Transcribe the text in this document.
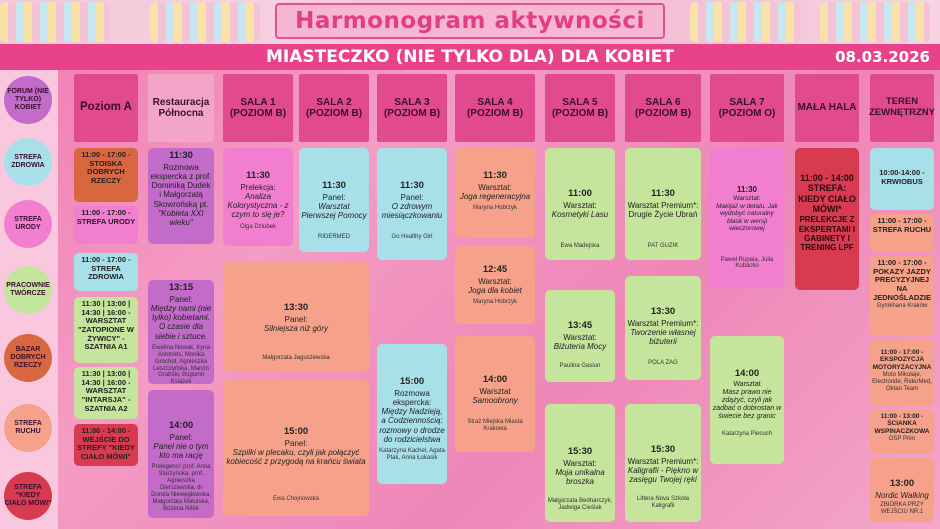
Harmonogram aktywności
MIASTECZKO (NIE TYLKO DLA) DLA KOBIET	08.03.2026
FORUM (NIE TYLKO) KOBIET
STREFA ZDROWIA
STREFA URODY
PRACOWNIE TWÓRCZE
BAZAR DOBRYCH RZECZY
STREFA RUCHU
STREFA "KIEDY CIAŁO MÓWI"
Poziom A	Restauracja Północna
SALA 1 (POZIOM B)
SALA 2 (POZIOM B)
SALA 3 (POZIOM B)
SALA 4 (POZIOM B)
SALA 5 (POZIOM B)
SALA 6 (POZIOM B)
SALA 7 (POZIOM O)
MAŁA HALA
TEREN ZEWNĘTRZNY
11:00 - 17:00 - STOISKA DOBRYCH RZECZY
11:00 - 17:00 - STREFA URODY
11:00 - 17:00 - STREFA ZDROWIA
11:30 | 13:00 | 14:30 | 16:00 - WARSZTAT "ZATOPIONE W ŻYWICY" - SZATNIA A1
11:30 | 13:00 | 14:30 | 16:00 - WARSZTAT "INTARSJA" - SZATNIA A2
11:00 - 14:00 - WEJŚCIE DO STREFY "KIEDY CIAŁO MÓWI"
11:30
Rozmowa ekspercka z prof. Dominiką Dudek i Małgorzatą Skowrońską pt.
"Kobieta XXI wieku"
13:15
Panel:
Między nami (nie tylko) kobietami. O czasie dla siebie i sztuce.
Ewelina Nowak, Iryna Antonets, Monika Grochot, Agnieszka Leszczyńska, Marcin Grabski, Bogumił Książek
14:00
Panel:
Panel nie o tym kto ma rację
Prelegenci: prof. Anna Starzyńska, prof. Agnieszka Gierszewska, dr Dorota Niewęgłowska, Małgorzata Matulska, Bożena Nitek
11:30
Prelekcja:
Analiza Kolorystyczna - z czym to się je?
Olga Dziubek
13:30
Panel:
Silniejsza niż góry
Małgorzata Jaguszewska
15:00
Panel:
Szpilki w plecaku, czyli jak połączyć kobiecość z przygodą na krańcu świata
Ewa Chojnowska
11:30
Panel:
Warsztat Pierwszej Pomocy
RIDERMED
11:30
Panel:
O zdrowym miesiączkowaniu
Go Healthy Girl
15:00
Rozmowa ekspercka:
Między Nadzieją, a Codziennością: rozmowy o drodze do rodzicielstwa
Katarzyna Kachel, Agata Ptak, Anna Łukasik
11:30
Warsztat:
Joga regeneracyjna
Maryna Hobrzyk
12:45
Warsztat:
Joga dla kobiet
Maryna Hobrzyk
14:00
Warsztat
Samoobrony
Straż Miejska Miasta Krakowa
11:00
Warsztat:
Kosmetyki Lasu
Ewa Madejska
13:45
Warsztat:
Biżuteria Mocy
Paulina Gasiun
15:30
Warsztat:
Moja unikalna broszka
Małgorzata Bednarczyk, Jadwiga Cieślak
11:30
Warsztat Premium*: Drugie Życie Ubrań
PAT GUZIK
13:30
Warsztat Premium*:
Tworzenie własnej biżuterii
POLA ZAG
15:30
Warsztat Premium*:
Kaligrafii - Piękno w zasięgu Twojej ręki
Littera Nova Szkoła Kaligrafii
11:30
Warsztat:
Makijaż w detalu. Jak wydobyć naturalny blask w wersji wieczorowej
Paweł Rupala, Julia Kubacko
14:00
Warsztat
Masz prawo nie zdążyć, czyli jak zadbać o dobrostan w świecie bez granic
Katarzyna Piecuch
11:00 - 14:00 STREFA: KIEDY CIAŁO MÓWI*
PRELEKCJE Z EKSPERTAMI I GABINETY I TRENING LPF
10:00-14:00 - KRWIOBUS
11:00 - 17:00 - STREFA RUCHU
11:00 - 17:00 - POKAZY JAZDY PRECYZYJNEJ NA JEDNOŚLADZIE
Gymkhana Kraków
11:00 - 17:00 - EKSPOZYCJA MOTORYZACYJNA
Moto Mikołaje, Electroride, RiderMed, Oktan Team
11:00 - 13:00 - ŚCIANKA WSPINACZKOWA
OSP Prim
13:00
Nordic Walking
ZBIÓRKA PRZY WEJŚCIU NR.1
